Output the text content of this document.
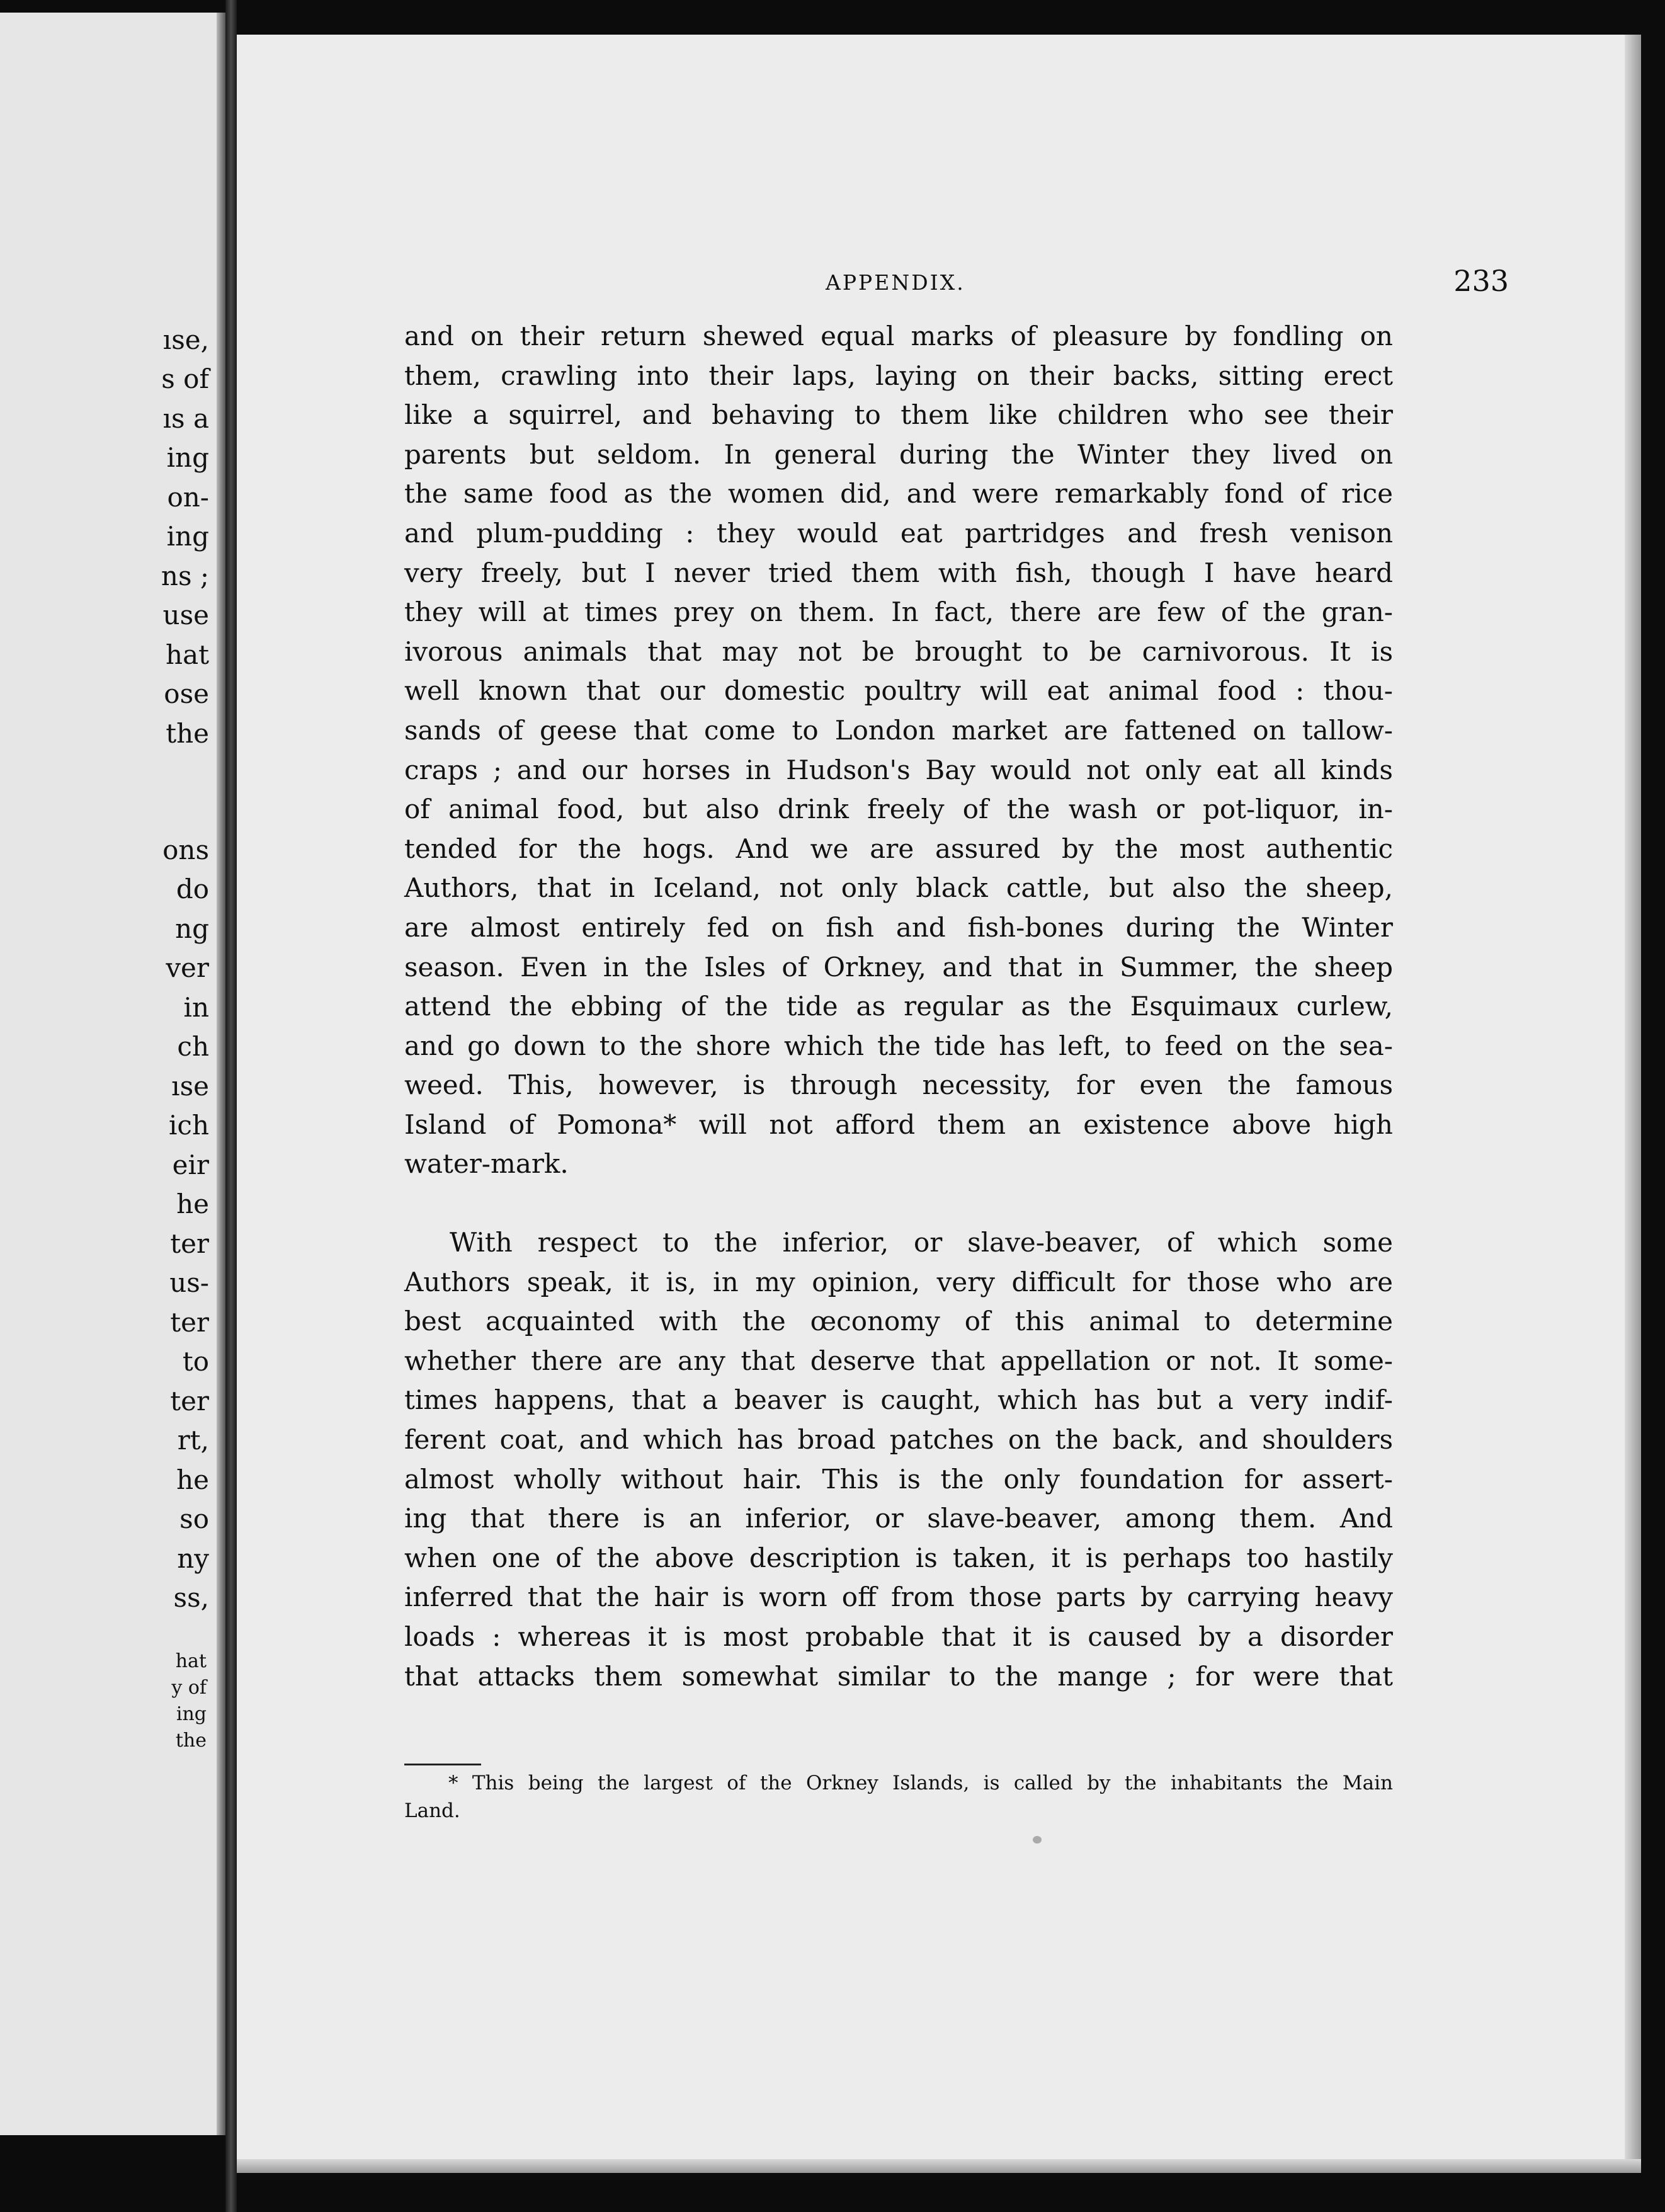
ıse,
s of
ıs a
ing
on-
ing
ns ;
use
hat
ose
the
ons
do
ng
ver
in
ch
ıse
ich
eir
he
ter
us-
ter
to
ter
rt,
he
so
ny
ss,
hat
y of
ing
the
APPENDIX.	233
and on their return shewed equal marks of pleasure by fondling on
them, crawling into their laps, laying on their backs, sitting erect
like a squirrel, and behaving to them like children who see their
parents but seldom. In general during the Winter they lived on
the same food as the women did, and were remarkably fond of rice
and plum-pudding : they would eat partridges and fresh venison
very freely, but I never tried them with fish, though I have heard
they will at times prey on them. In fact, there are few of the gran-
ivorous animals that may not be brought to be carnivorous. It is
well known that our domestic poultry will eat animal food : thou-
sands of geese that come to London market are fattened on tallow-
craps ; and our horses in Hudson's Bay would not only eat all kinds
of animal food, but also drink freely of the wash or pot-liquor, in-
tended for the hogs. And we are assured by the most authentic
Authors, that in Iceland, not only black cattle, but also the sheep,
are almost entirely fed on fish and fish-bones during the Winter
season. Even in the Isles of Orkney, and that in Summer, the sheep
attend the ebbing of the tide as regular as the Esquimaux curlew,
and go down to the shore which the tide has left, to feed on the sea-
weed. This, however, is through necessity, for even the famous
Island of Pomona* will not afford them an existence above high
water-mark.
With respect to the inferior, or slave-beaver, of which some
Authors speak, it is, in my opinion, very difficult for those who are
best acquainted with the œconomy of this animal to determine
whether there are any that deserve that appellation or not. It some-
times happens, that a beaver is caught, which has but a very indif-
ferent coat, and which has broad patches on the back, and shoulders
almost wholly without hair. This is the only foundation for assert-
ing that there is an inferior, or slave-beaver, among them. And
when one of the above description is taken, it is perhaps too hastily
inferred that the hair is worn off from those parts by carrying heavy
loads : whereas it is most probable that it is caused by a disorder
that attacks them somewhat similar to the mange ; for were that
* This being the largest of the Orkney Islands, is called by the inhabitants the Main
Land.
